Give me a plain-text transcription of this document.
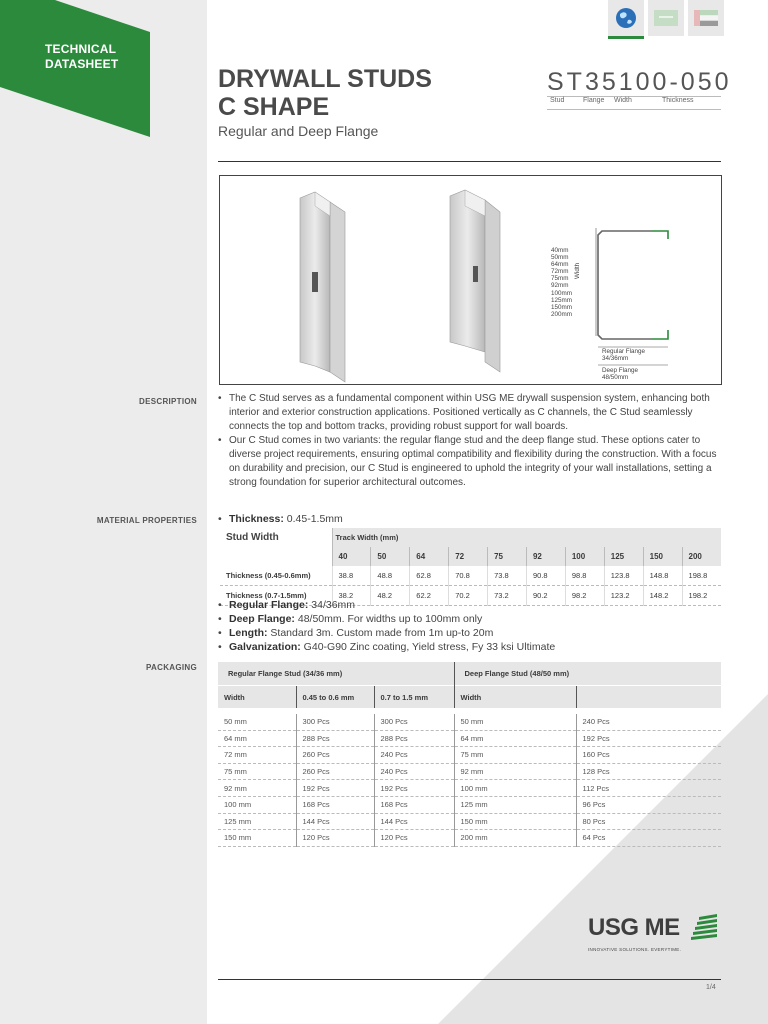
TECHNICAL
DATASHEET
DRYWALL STUDS
C SHAPE
Regular and Deep Flange
ST35100-050
Stud	Flange Width	Thickness
40mm
50mm
64mm
72mm
75mm
92mm
100mm
125mm
150mm
200mm
Width
Regular Flange
34/36mm
Deep Flange
48/50mm
DESCRIPTION	• The C Stud serves as a fundamental component within USG ME drywall suspension system, enhancing both interior and exterior construction applications. Positioned vertically as C channels, the C Stud seamlessly connects the top and bottom tracks, providing robust support for wall boards.
• Our C Stud comes in two variants: the regular flange stud and the deep flange stud. These options cater to diverse project requirements, ensuring optimal compatibility and flexibility during the construction. With a focus on durability and precision, our C Stud is engineered to uphold the integrity of your wall installations, setting a strong foundation for superior architectural outcomes.
MATERIAL PROPERTIES	• Thickness: 0.45-1.5mm
Stud Width	Track Width (mm)									
	40	50	64	72	75	92	100	125	150	200
Thickness (0.45-0.6mm)	38.8	48.8	62.8	70.8	73.8	90.8	98.8	123.8	148.8	198.8
Thickness (0.7-1.5mm)	38.2	48.2	62.2	70.2	73.2	90.2	98.2	123.2	148.2	198.2
• Regular Flange: 34/36mm
• Deep Flange: 48/50mm. For widths up to 100mm only
• Length: Standard 3m. Custom made from 1m up-to 20m
• Galvanization: G40-G90 Zinc coating, Yield stress, Fy 33 ksi Ultimate
PACKAGING
Regular Flange Stud (34/36 mm)			Deep Flange Stud (48/50 mm)	
Width	0.45 to 0.6 mm	0.7 to 1.5 mm	Width	

50 mm	300 Pcs	300 Pcs	50 mm	240 Pcs
64 mm	288 Pcs	288 Pcs	64 mm	192 Pcs
72 mm	260 Pcs	240 Pcs	75 mm	160 Pcs
75 mm	260 Pcs	240 Pcs	92 mm	128 Pcs
92 mm	192 Pcs	192 Pcs	100 mm	112 Pcs
100 mm	168 Pcs	168 Pcs	125 mm	96 Pcs
125 mm	144 Pcs	144 Pcs	150 mm	80 Pcs
150 mm	120 Pcs	120 Pcs	200 mm	64 Pcs
USG ME
INNOVATIVE SOLUTIONS. EVERYTIME.
1/4
